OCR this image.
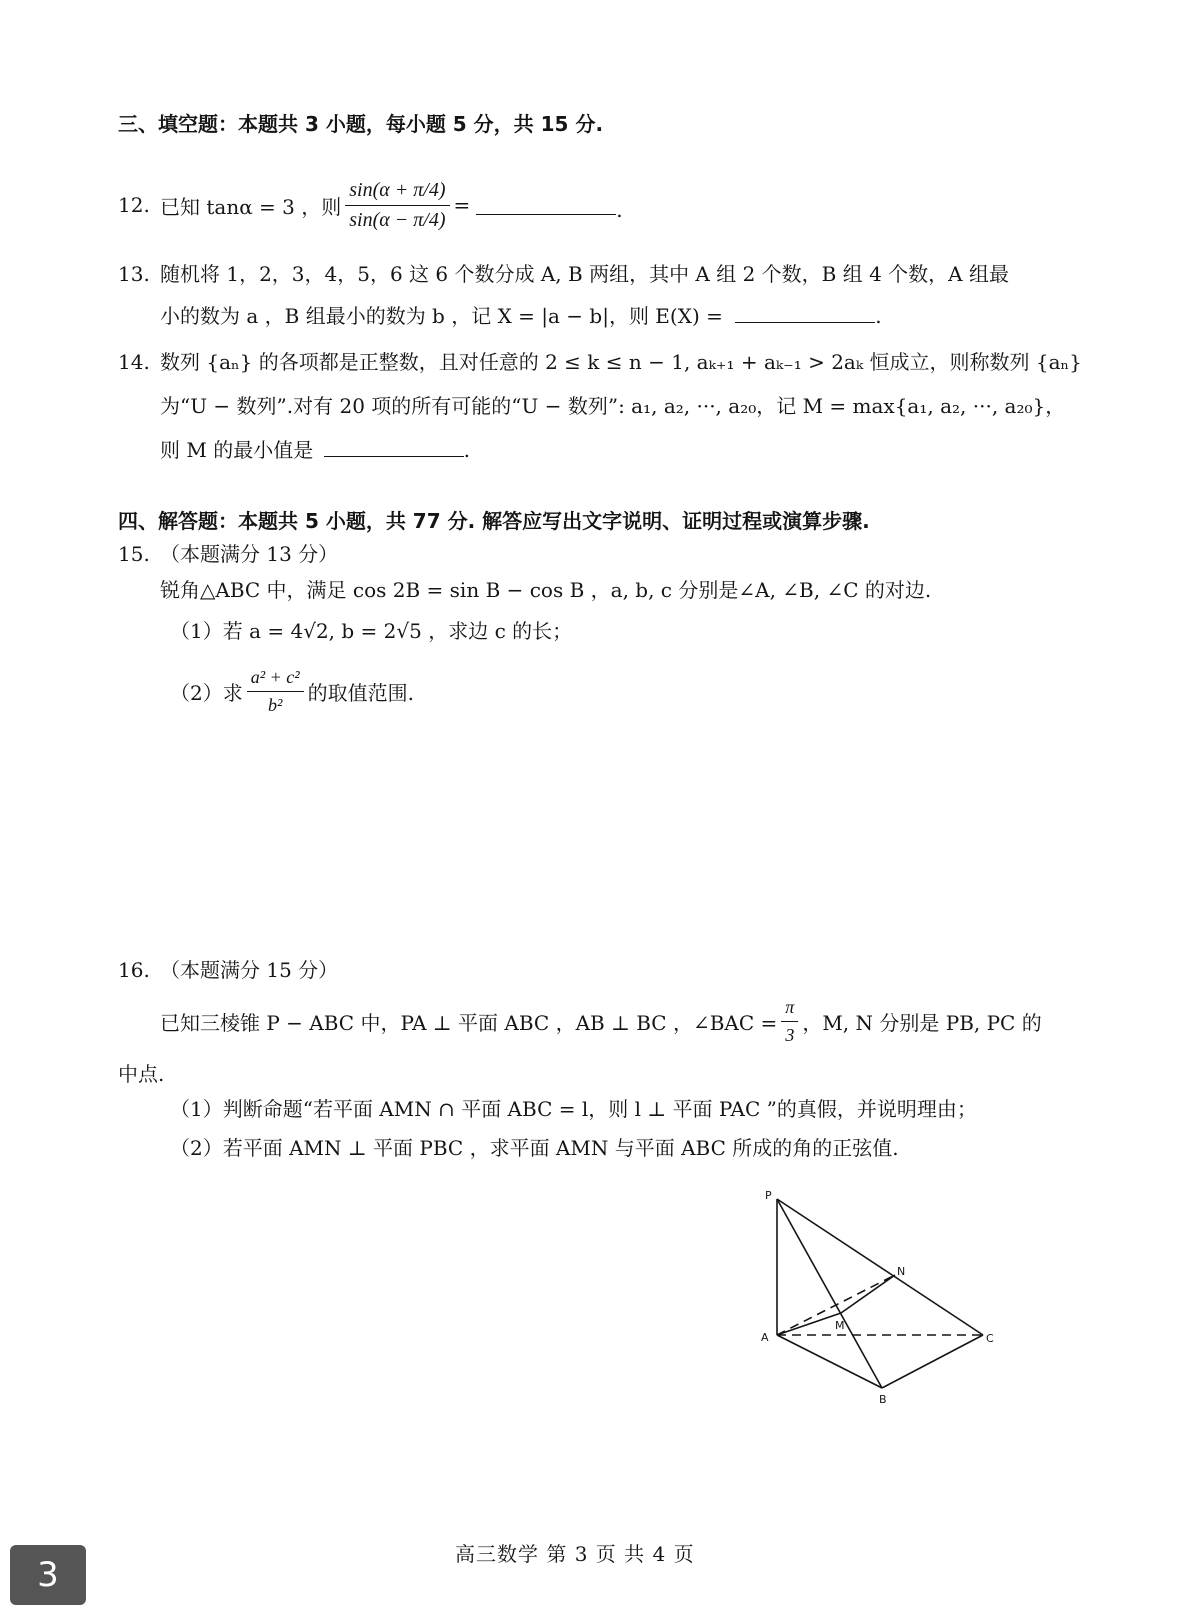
三、填空题：本题共 3 小题，每小题 5 分，共 15 分.
12. 已知 tanα = 3 ，则 $\frac{\sin(\alpha + \pi/4)}{\sin(\alpha - \pi/4)}$ =	.
13. 随机将 1，2，3，4，5，6 这 6 个数分成 A, B 两组，其中 A 组 2 个数，B 组 4 个数，A 组最
小的数为 a ，B 组最小的数为 b ，记 X = |a − b|，则 E(X) =	.
14. 数列 {aₙ} 的各项都是正整数，且对任意的 2 ≤ k ≤ n − 1, aₖ₊₁ + aₖ₋₁ > 2aₖ 恒成立，则称数列 {aₙ}
为“U − 数列”.对有 20 项的所有可能的“U − 数列”: a₁, a₂, ···, a₂₀，记 M = max{a₁, a₂, ···, a₂₀}，
则 M 的最小值是	.
四、解答题：本题共 5 小题，共 77 分. 解答应写出文字说明、证明过程或演算步骤.
15. （本题满分 13 分）
锐角△ABC 中，满足 cos 2B = sin B − cos B ，a, b, c 分别是∠A, ∠B, ∠C 的对边.
（1）若 a = 4√2, b = 2√5 ，求边 c 的长；
（2）求 $\frac{\text{a² + c²}}{\text{b²}}$ 的取值范围.
16. （本题满分 15 分）
已知三棱锥 P − ABC 中，PA ⊥ 平面 ABC ，AB ⊥ BC ，∠BAC = $\frac{\pi}{3}$ ，M, N 分别是 PB, PC 的
中点.
（1）判断命题“若平面 AMN ∩ 平面 ABC = l，则 l ⊥ 平面 PAC ”的真假，并说明理由；
（2）若平面 AMN ⊥ 平面 PBC ，求平面 AMN 与平面 ABC 所成的角的正弦值.
P
A
B
C
M
N
高三数学 第 3 页 共 4 页
3
